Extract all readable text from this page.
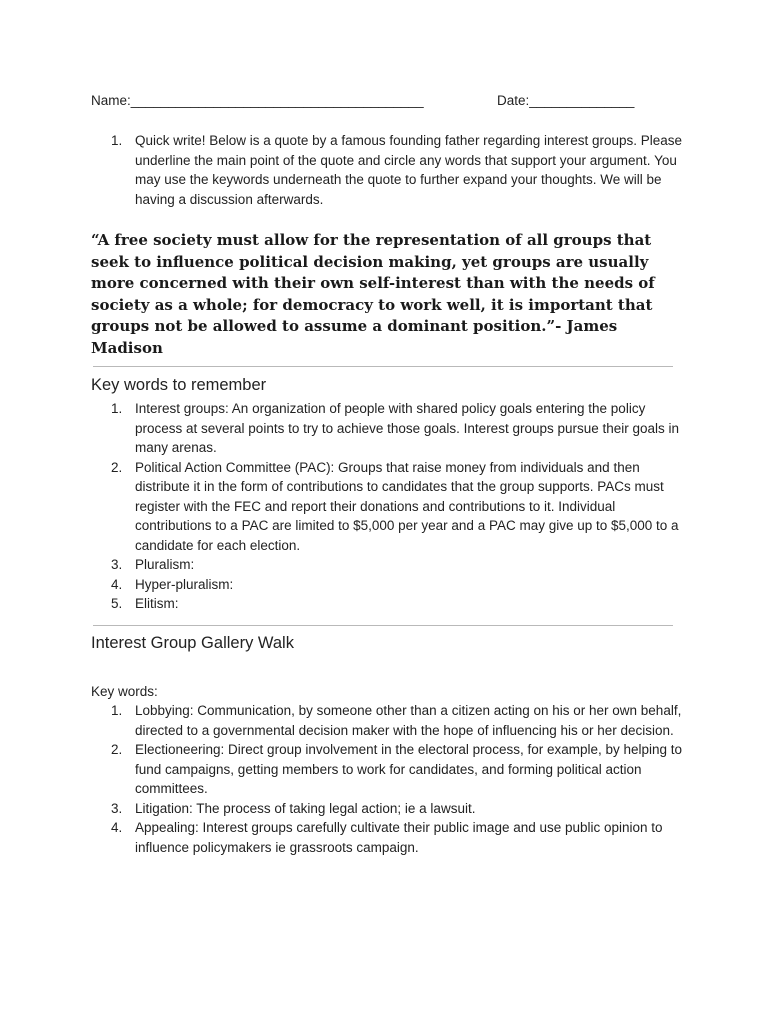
Name:_______________________________________	Date:______________
1. Quick write! Below is a quote by a famous founding father regarding interest groups. Please underline the main point of the quote and circle any words that support your argument. You may use the keywords underneath the quote to further expand your thoughts. We will be having a discussion afterwards.
“A free society must allow for the representation of all groups that seek to influence political decision making, yet groups are usually more concerned with their own self-interest than with the needs of society as a whole; for democracy to work well, it is important that groups not be allowed to assume a dominant position.”- James Madison
Key words to remember
1. Interest groups: An organization of people with shared policy goals entering the policy process at several points to try to achieve those goals. Interest groups pursue their goals in many arenas.
2. Political Action Committee (PAC): Groups that raise money from individuals and then distribute it in the form of contributions to candidates that the group supports. PACs must register with the FEC and report their donations and contributions to it. Individual contributions to a PAC are limited to $5,000 per year and a PAC may give up to $5,000 to a candidate for each election.
3. Pluralism:
4. Hyper-pluralism:
5. Elitism:
Interest Group Gallery Walk
Key words:
1. Lobbying: Communication, by someone other than a citizen acting on his or her own behalf, directed to a governmental decision maker with the hope of influencing his or her decision.
2. Electioneering: Direct group involvement in the electoral process, for example, by helping to fund campaigns, getting members to work for candidates, and forming political action committees.
3. Litigation: The process of taking legal action; ie a lawsuit.
4. Appealing: Interest groups carefully cultivate their public image and use public opinion to influence policymakers ie grassroots campaign.
